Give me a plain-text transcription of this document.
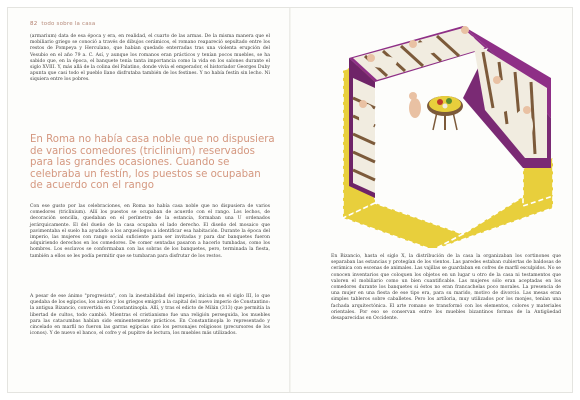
82 todo sobre la casa

(armarium) data de esa época y era, en realidad, el cuarto de las armas. De la misma manera que el mobiliario griego se conoció a través de dibujos cerámicos, el romano reapareció sepultado entre los restos de Pompeya y Herculano, que habían quedado enterradas tras una violenta erupción del Vesubio en el año 79 a. C. Así, y aunque los romanos eran prácticos y tenían pocos muebles, se ha sabido que, en la época, el banquete tenía tanta importancia como la vida en los salones durante el siglo XVIII. Y, más allá de la colina del Palatino, donde vivía el emperador, el historiador Georges Duby apunta que casi todo el pueblo llano disfrutaba también de los festines. Y no había festín sin lecho. Ni siquiera entre los pobres.

En Roma no había casa noble que no dispusiera de varios comedores (triclinium) reservados para las grandes ocasiones. Cuando se celebraba un festín, los puestos se ocupaban de acuerdo con el rango

Con ese gusto por las celebraciones, en Roma no había casa noble que no dispusiera de varios comedores (triclinium). Allí los puestos se ocupaban de acuerdo con el rango. Los lechos, de decoración sencilla, quedaban en el perímetro de la estancia, formaban una U ordenados jerárquicamente. El del dueño de la casa ocupaba el lado derecho. El diseño del mosaico que pavimentaba el suelo ha ayudado a los arqueólogos a identificar esa habitación. Durante la época del imperio, las mujeres con rango social suficiente para ser invitadas y para dar banquetes fueron adquiriendo derechos en los comedores. De comer sentadas pasaron a hacerlo tumbadas, como los hombres. Los esclavos se conformaban con las sobras de los banquetes, pero, terminada la fiesta, también a ellos se les podía permitir que se tumbaran para disfrutar de los restos.

A pesar de ese ánimo "progresista", con la inestabilidad del imperio, iniciada en el siglo III, lo que quedaba de los egipcios, los asirios y los griegos emigró a la capital del nuevo imperio de Constantino: la antigua Bizancio, convertida en Constantinopla. Allí, y tras el edicto de Milán (313) que permitía la libertad de cultos, todo cambió. Mientras el cristianismo fue una religión perseguida, los muebles para las catacumbas habían sido eminentemente prácticos. En Constantinopla lo representado y cincelado en marfil no fueron las garras egipcias sino los personajes religiosos (precursores de los iconos). Y de nuevo el banco, el cofre y el pupitre de lectura, los muebles más utilizados.

En Bizancio, hasta el siglo X, la distribución de la casa la organizaban los cortinones que separaban las estancias y protegían de los vientos. Las paredes estaban cubiertas de baldosas de cerámica con escenas de animales. Las vajillas se guardaban en cofres de marfil esculpidos. No se conocen inventarios que coloquen los objetos en un lugar u otro de la casa ni testamentos que valoren el mobiliario como un bien cuantificable. Las mujeres sólo eran aceptadas en los comedores durante los banquetes si éstos no eran francachelas poco morales. La presencia de una mujer en una fiesta de ese tipo era, para su marido, motivo de divorcio. Las mesas eran simples tableros sobre caballetes. Pero los artíloria, muy utilizados por los monjes, tenían una fachada arquitectónica. El arte romano se transformó con los elementos, colores y materiales orientales. Por eso se conservan entre los muebles bizantinos formas de la Antigüedad desaparecidas en Occidente.
